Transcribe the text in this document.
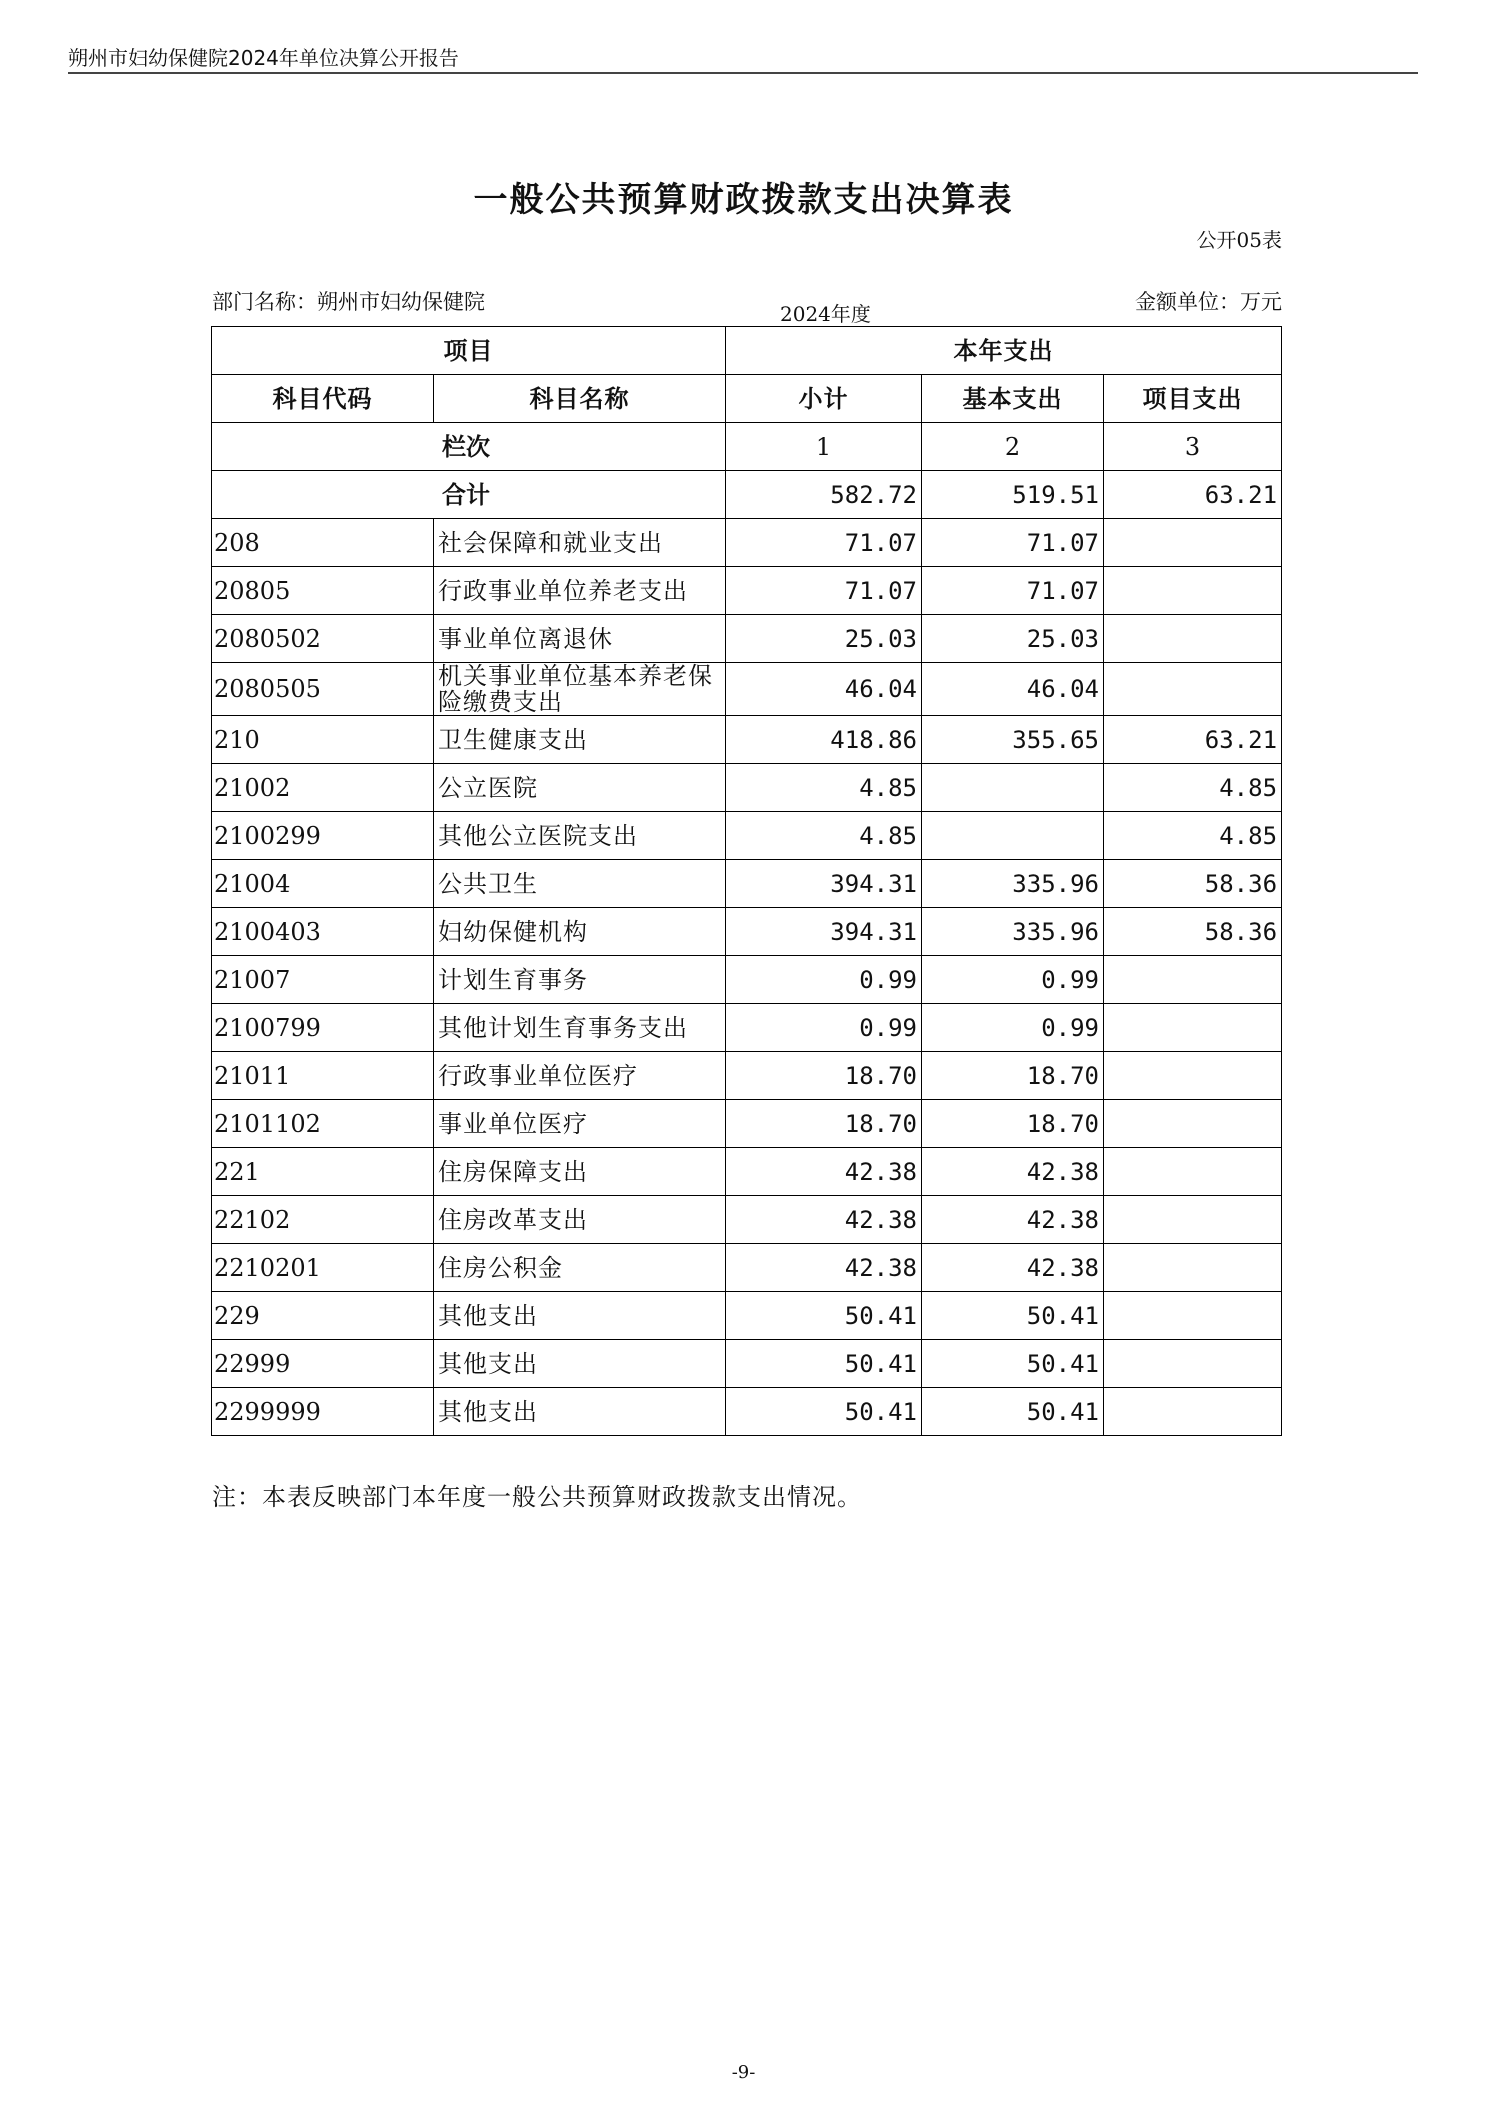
朔州市妇幼保健院2024年单位决算公开报告
一般公共预算财政拨款支出决算表
公开05表
部门名称：朔州市妇幼保健院	2024年度	金额单位：万元
项目		本年支出		
科目代码	科目名称	小计	基本支出	项目支出
栏次		1	2	3
合计		582.72	519.51	63.21
208	社会保障和就业支出	71.07	71.07	
20805	行政事业单位养老支出	71.07	71.07	
2080502	事业单位离退休	25.03	25.03	
2080505	机关事业单位基本养老保险缴费支出	46.04	46.04	
210	卫生健康支出	418.86	355.65	63.21
21002	公立医院	4.85		4.85
2100299	其他公立医院支出	4.85		4.85
21004	公共卫生	394.31	335.96	58.36
2100403	妇幼保健机构	394.31	335.96	58.36
21007	计划生育事务	0.99	0.99	
2100799	其他计划生育事务支出	0.99	0.99	
21011	行政事业单位医疗	18.70	18.70	
2101102	事业单位医疗	18.70	18.70	
221	住房保障支出	42.38	42.38	
22102	住房改革支出	42.38	42.38	
2210201	住房公积金	42.38	42.38	
229	其他支出	50.41	50.41	
22999	其他支出	50.41	50.41	
2299999	其他支出	50.41	50.41	
注：本表反映部门本年度一般公共预算财政拨款支出情况。
-9-
